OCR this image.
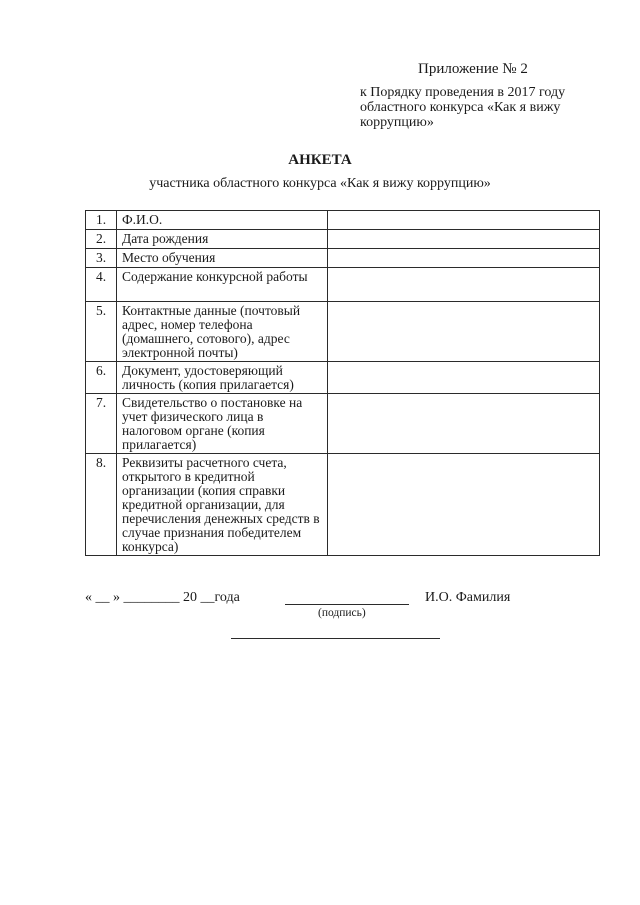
Приложение № 2
к Порядку проведения в 2017 году областного конкурса «Как я вижу коррупцию»
АНКЕТА
участника областного конкурса «Как я вижу коррупцию»
1.	Ф.И.О.	
2.	Дата рождения	
3.	Место обучения	
4.	Содержание конкурсной работы	
5.	Контактные данные (почтовый адрес, номер телефона (домашнего, сотового), адрес электронной почты)	
6.	Документ, удостоверяющий личность (копия прилагается)	
7.	Свидетельство о постановке на учет физического лица в налоговом органе (копия прилагается)	
8.	Реквизиты расчетного счета, открытого в кредитной организации (копия справки кредитной организации, для перечисления денежных средств в случае признания победителем конкурса)	
« __ » ________ 20 __года	И.О. Фамилия
(подпись)
